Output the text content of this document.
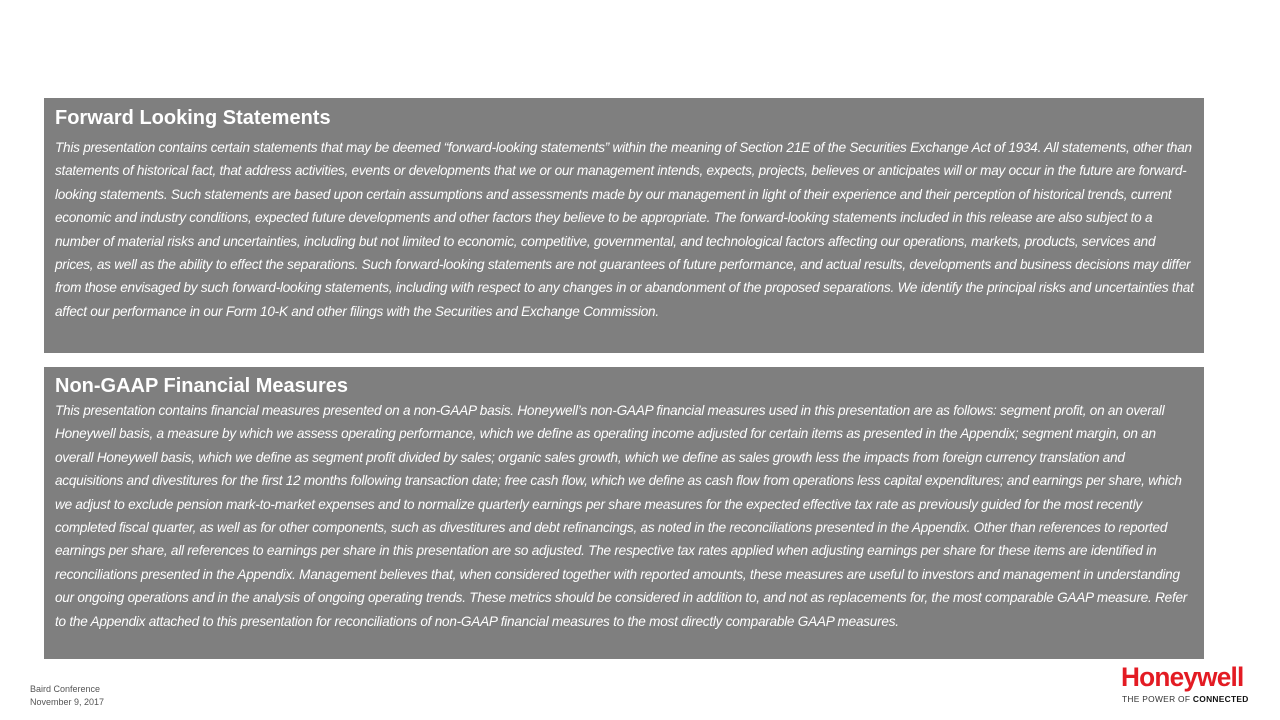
Forward Looking Statements

This presentation contains certain statements that may be deemed “forward-looking statements” within the meaning of Section 21E of the Securities Exchange Act of 1934. All statements, other than statements of historical fact, that address activities, events or developments that we or our management intends, expects, projects, believes or anticipates will or may occur in the future are forward-looking statements. Such statements are based upon certain assumptions and assessments made by our management in light of their experience and their perception of historical trends, current economic and industry conditions, expected future developments and other factors they believe to be appropriate. The forward-looking statements included in this release are also subject to a number of material risks and uncertainties, including but not limited to economic, competitive, governmental, and technological factors affecting our operations, markets, products, services and prices, as well as the ability to effect the separations. Such forward-looking statements are not guarantees of future performance, and actual results, developments and business decisions may differ from those envisaged by such forward-looking statements, including with respect to any changes in or abandonment of the proposed separations. We identify the principal risks and uncertainties that affect our performance in our Form 10-K and other filings with the Securities and Exchange Commission.

Non-GAAP Financial Measures

This presentation contains financial measures presented on a non-GAAP basis. Honeywell’s non-GAAP financial measures used in this presentation are as follows: segment profit, on an overall Honeywell basis, a measure by which we assess operating performance, which we define as operating income adjusted for certain items as presented in the Appendix; segment margin, on an overall Honeywell basis, which we define as segment profit divided by sales; organic sales growth, which we define as sales growth less the impacts from foreign currency translation and acquisitions and divestitures for the first 12 months following transaction date; free cash flow, which we define as cash flow from operations less capital expenditures; and earnings per share, which we adjust to exclude pension mark-to-market expenses and to normalize quarterly earnings per share measures for the expected effective tax rate as previously guided for the most recently completed fiscal quarter, as well as for other components, such as divestitures and debt refinancings, as noted in the reconciliations presented in the Appendix. Other than references to reported earnings per share, all references to earnings per share in this presentation are so adjusted. The respective tax rates applied when adjusting earnings per share for these items are identified in reconciliations presented in the Appendix. Management believes that, when considered together with reported amounts, these measures are useful to investors and management in understanding our ongoing operations and in the analysis of ongoing operating trends. These metrics should be considered in addition to, and not as replacements for, the most comparable GAAP measure. Refer to the Appendix attached to this presentation for reconciliations of non-GAAP financial measures to the most directly comparable GAAP measures.

Baird Conference
November 9, 2017
Honeywell
THE POWER OF CONNECTED
